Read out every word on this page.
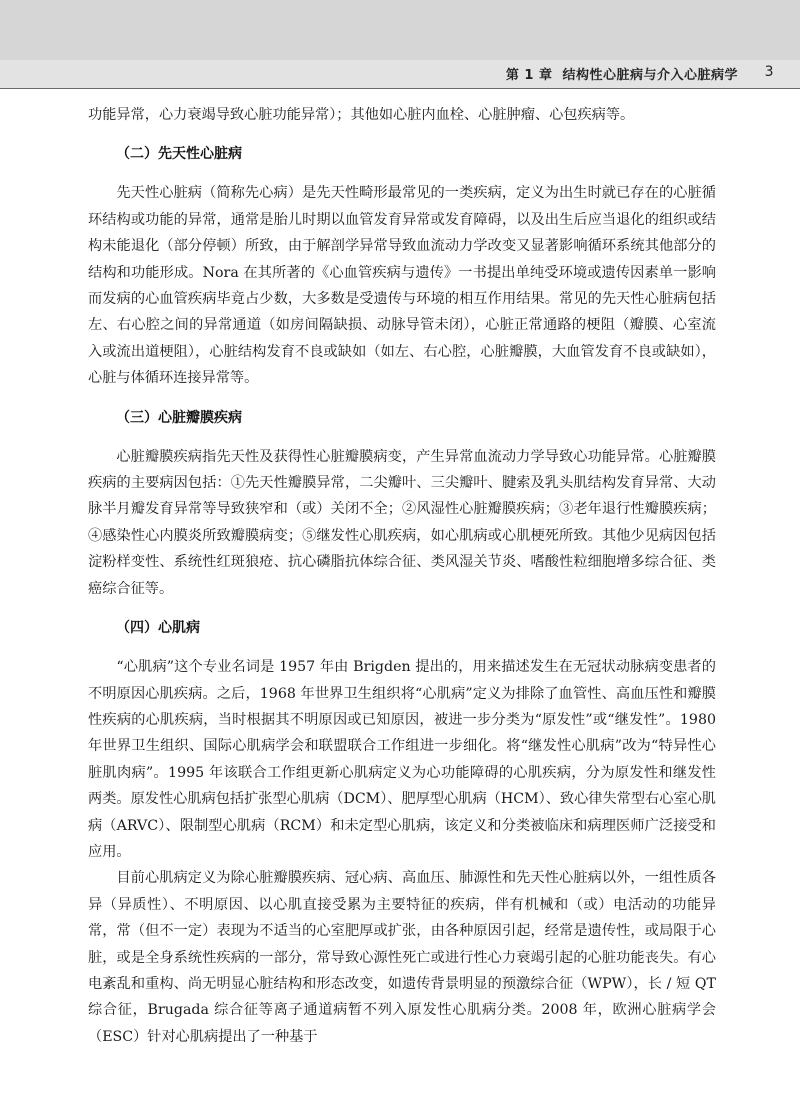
第 1 章 结构性心脏病与介入心脏病学 3

功能异常，心力衰竭导致心脏功能异常）；其他如心脏内血栓、心脏肿瘤、心包疾病等。

（二）先天性心脏病

先天性心脏病（简称先心病）是先天性畸形最常见的一类疾病，定义为出生时就已存在的心脏循环结构或功能的异常，通常是胎儿时期以血管发育异常或发育障碍，以及出生后应当退化的组织或结构未能退化（部分停顿）所致，由于解剖学异常导致血流动力学改变又显著影响循环系统其他部分的结构和功能形成。Nora 在其所著的《心血管疾病与遗传》一书提出单纯受环境或遗传因素单一影响而发病的心血管疾病毕竟占少数，大多数是受遗传与环境的相互作用结果。常见的先天性心脏病包括左、右心腔之间的异常通道（如房间隔缺损、动脉导管未闭），心脏正常通路的梗阻（瓣膜、心室流入或流出道梗阻），心脏结构发育不良或缺如（如左、右心腔，心脏瓣膜，大血管发育不良或缺如），心脏与体循环连接异常等。

（三）心脏瓣膜疾病

心脏瓣膜疾病指先天性及获得性心脏瓣膜病变，产生异常血流动力学导致心功能异常。心脏瓣膜疾病的主要病因包括：①先天性瓣膜异常，二尖瓣叶、三尖瓣叶、腱索及乳头肌结构发育异常、大动脉半月瓣发育异常等导致狭窄和（或）关闭不全；②风湿性心脏瓣膜疾病；③老年退行性瓣膜疾病；④感染性心内膜炎所致瓣膜病变；⑤继发性心肌疾病，如心肌病或心肌梗死所致。其他少见病因包括淀粉样变性、系统性红斑狼疮、抗心磷脂抗体综合征、类风湿关节炎、嗜酸性粒细胞增多综合征、类癌综合征等。

（四）心肌病

“心肌病”这个专业名词是 1957 年由 Brigden 提出的，用来描述发生在无冠状动脉病变患者的不明原因心肌疾病。之后，1968 年世界卫生组织将“心肌病”定义为排除了血管性、高血压性和瓣膜性疾病的心肌疾病，当时根据其不明原因或已知原因，被进一步分类为“原发性”或“继发性”。1980 年世界卫生组织、国际心肌病学会和联盟联合工作组进一步细化。将“继发性心肌病”改为“特异性心脏肌肉病”。1995 年该联合工作组更新心肌病定义为心功能障碍的心肌疾病，分为原发性和继发性两类。原发性心肌病包括扩张型心肌病（DCM）、肥厚型心肌病（HCM）、致心律失常型右心室心肌病（ARVC）、限制型心肌病（RCM）和未定型心肌病，该定义和分类被临床和病理医师广泛接受和应用。

目前心肌病定义为除心脏瓣膜疾病、冠心病、高血压、肺源性和先天性心脏病以外，一组性质各异（异质性）、不明原因、以心肌直接受累为主要特征的疾病，伴有机械和（或）电活动的功能异常，常（但不一定）表现为不适当的心室肥厚或扩张，由各种原因引起，经常是遗传性，或局限于心脏，或是全身系统性疾病的一部分，常导致心源性死亡或进行性心力衰竭引起的心脏功能丧失。有心电紊乱和重构、尚无明显心脏结构和形态改变，如遗传背景明显的预激综合征（WPW），长 / 短 QT 综合征，Brugada 综合征等离子通道病暂不列入原发性心肌病分类。2008 年，欧洲心脏病学会（ESC）针对心肌病提出了一种基于
